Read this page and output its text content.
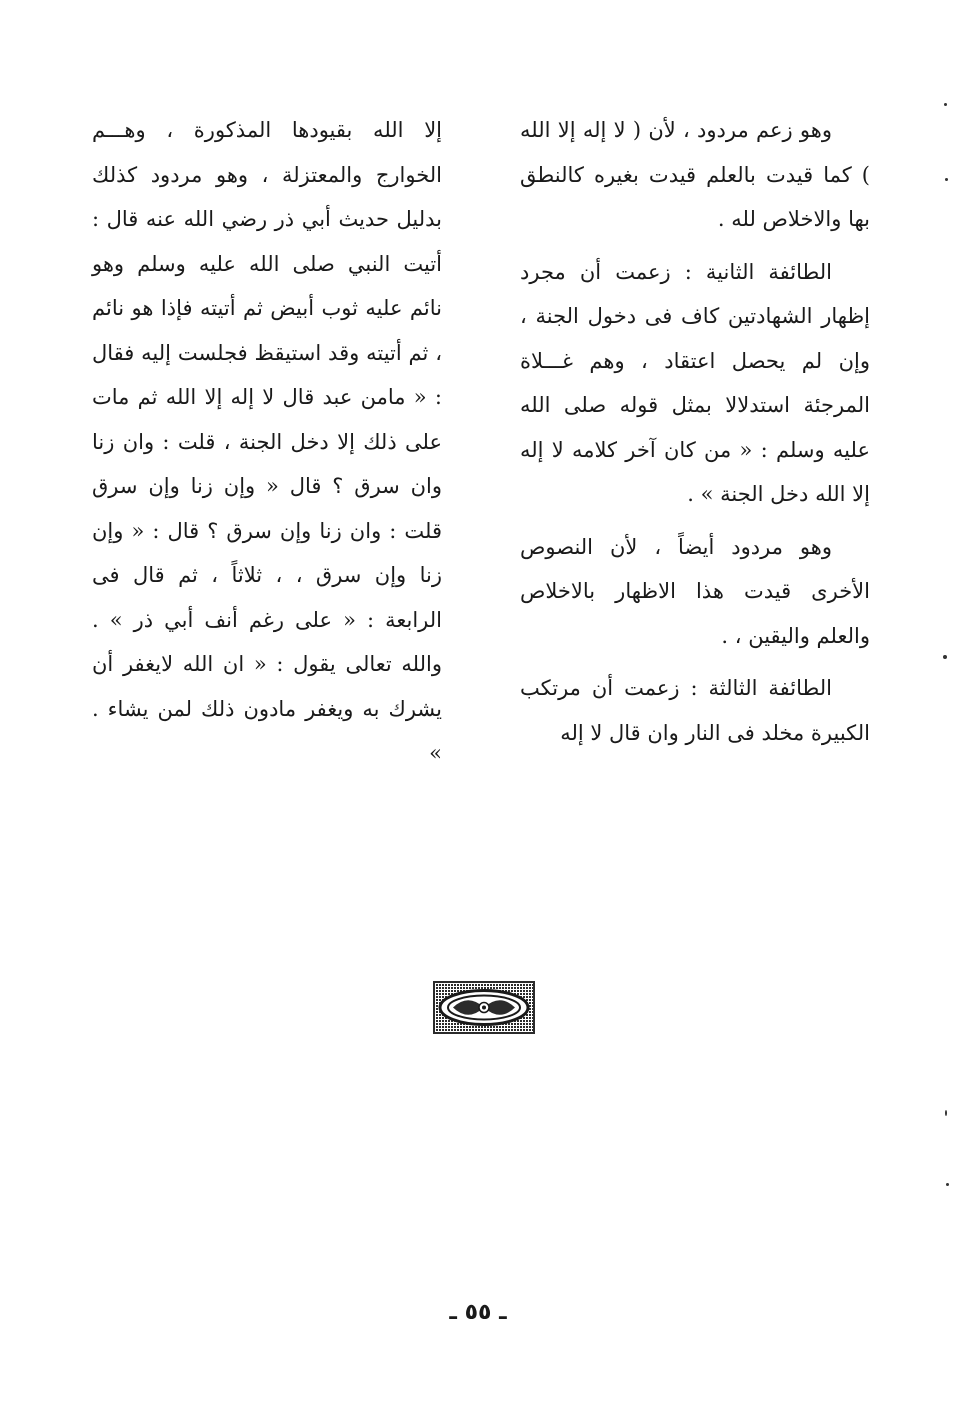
وهو زعم مردود ، لأن ( لا إله إلا الله ) كما قيدت بالعلم قيدت بغيره كالنطق بها والاخلاص لله .

الطائفة الثانية : زعمت أن مجرد إظهار الشهادتين كاف فى دخول الجنة ، وإن لم يحصل اعتقاد ، وهم غـــلاة المرجئة استدلالا بمثل قوله صلى الله عليه وسلم : « من كان آخر كلامه لا إله إلا الله دخل الجنة » .

وهو مردود أيضاً ، لأن النصوص الأخرى قيدت هذا الاظهار بالاخلاص والعلم واليقين ، .

الطائفة الثالثة : زعمت أن مرتكب الكبيرة مخلد فى النار وان قال لا إله

إلا الله بقيودها المذكورة ، وهـــم الخوارج والمعتزلة ، وهو مردود كذلك بدليل حديث أبي ذر رضي الله عنه قال : أتيت النبي صلى الله عليه وسلم وهو نائم عليه ثوب أبيض ثم أتيته فإذا هو نائم ، ثم أتيته وقد استيقظ فجلست إليه فقال : « مامن عبد قال لا إله إلا الله ثم مات على ذلك إلا دخل الجنة ، قلت : وان زنا وان سرق ؟ قال « وإن زنا وإن سرق قلت : وان زنا وإن سرق ؟ قال : « وإن زنا وإن سرق ، ، ثلاثاً ، ثم قال فى الرابعة : « على رغم أنف أبي ذر » . والله تعالى يقول : « ان الله لايغفر أن يشرك به ويغفر مادون ذلك لمن يشاء . »

ـ ٥٥ ـ
